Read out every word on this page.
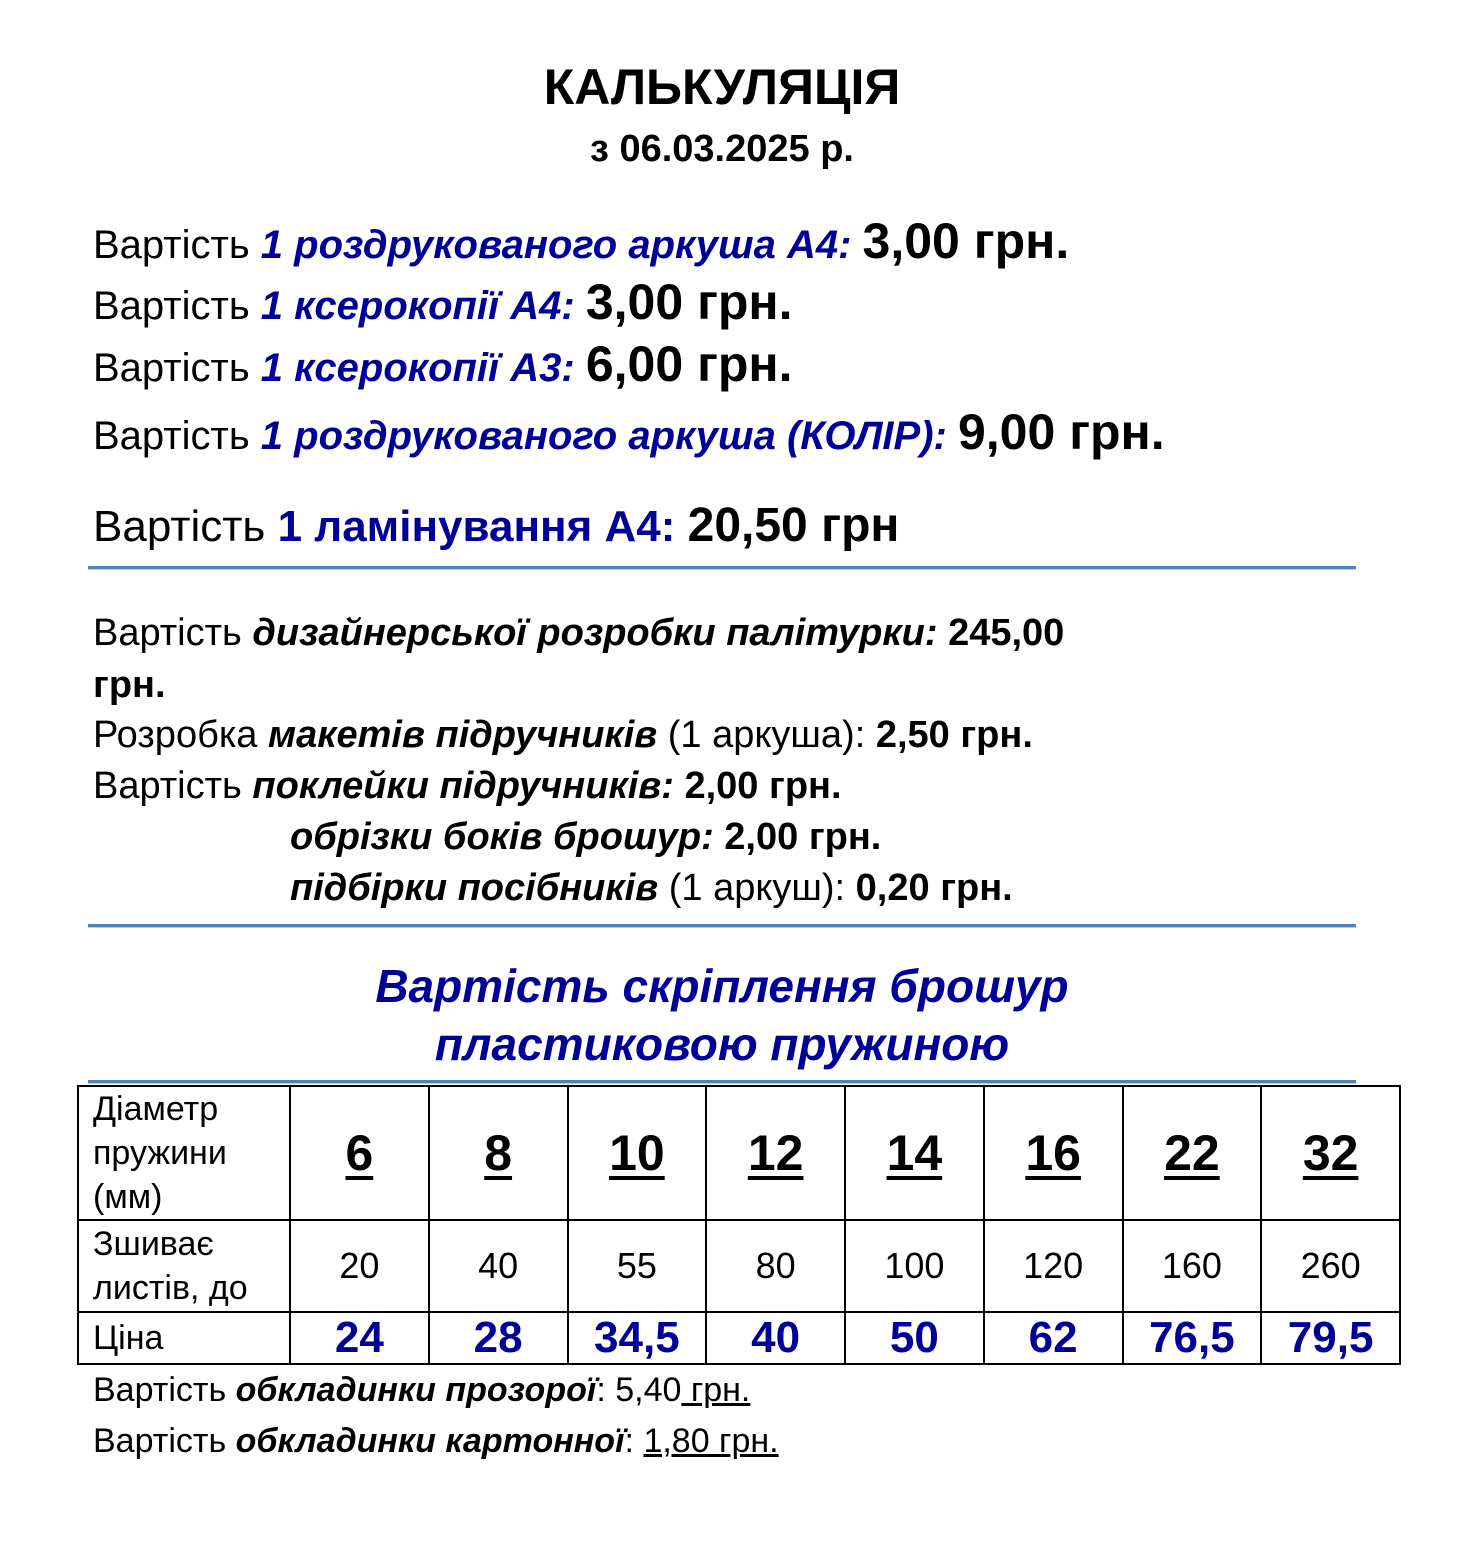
КАЛЬКУЛЯЦІЯ
з 06.03.2025 р.
Вартість 1 роздрукованого аркуша А4: 3,00 грн.
Вартість 1 ксерокопії А4: 3,00 грн.
Вартість 1 ксерокопії А3: 6,00 грн.
Вартість 1 роздрукованого аркуша (КОЛІР): 9,00 грн.
Вартість 1 ламінування А4: 20,50 грн
Вартість дизайнерської розробки палітурки: 245,00
грн.
Розробка макетів підручників (1 аркуша): 2,50 грн.
Вартість поклейки підручників: 2,00 грн.
обрізки боків брошур: 2,00 грн.
підбірки посібників (1 аркуш): 0,20 грн.
Вартість скріплення брошур
пластиковою пружиною
Діаметр
пружини
(мм)	6	8	10	12	14	16	22	32

Зшиває
листів, до	20	40	55	80	100	120	160	260
Ціна	24	28	34,5	40	50	62	76,5	79,5
Вартість обкладинки прозорої: 5,40 грн.
Вартість обкладинки картонної: 1,80 грн.
